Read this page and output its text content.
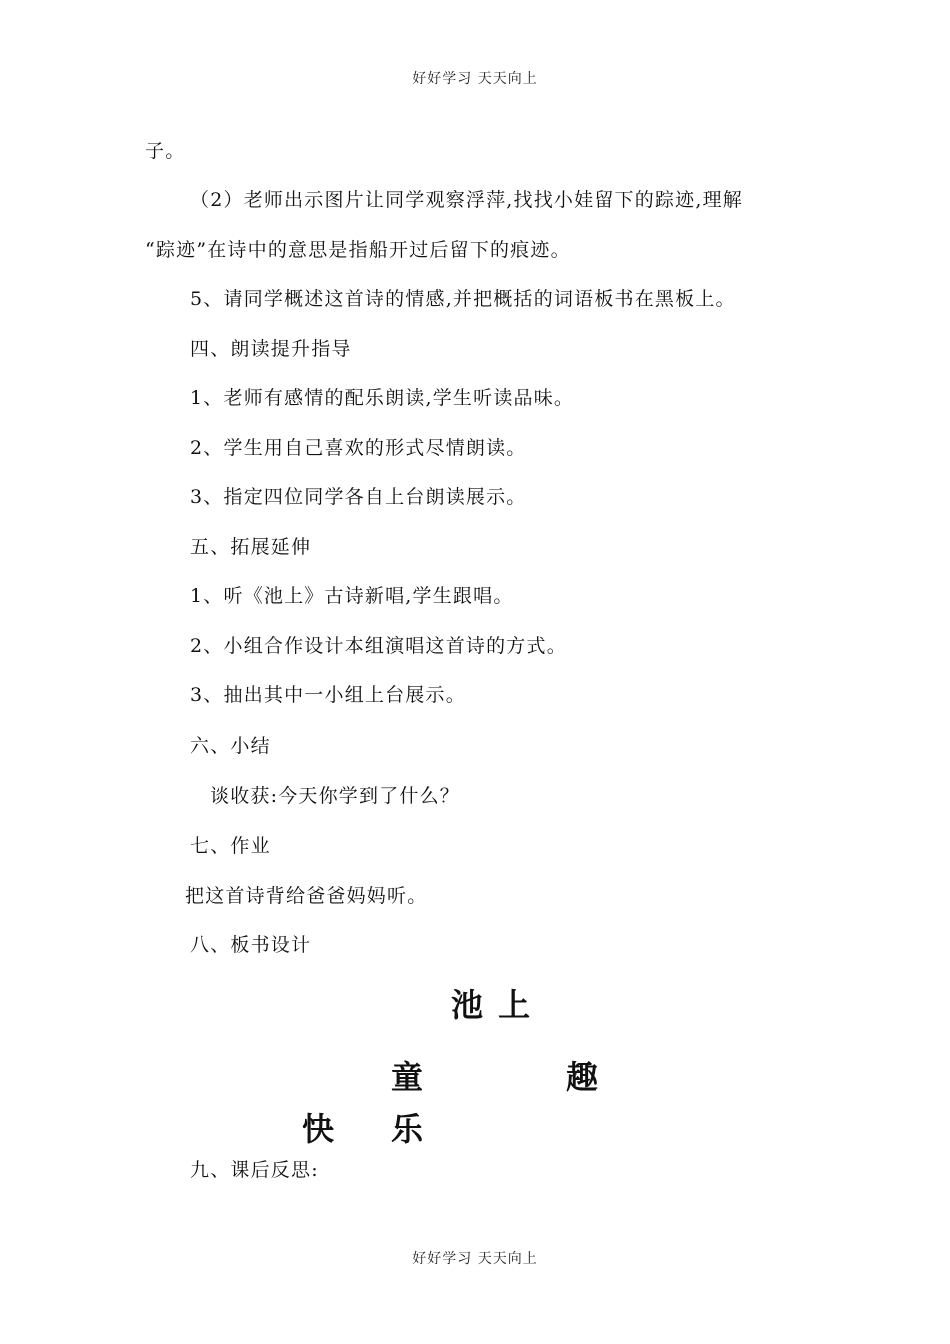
好好学习 天天向上
子。
（2）老师出示图片让同学观察浮萍,找找小娃留下的踪迹,理解
“踪迹”在诗中的意思是指船开过后留下的痕迹。
5、请同学概述这首诗的情感,并把概括的词语板书在黑板上。
四、朗读提升指导
1、老师有感情的配乐朗读,学生听读品味。
2、学生用自己喜欢的形式尽情朗读。
3、指定四位同学各自上台朗读展示。
五、拓展延伸
1、听《池上》古诗新唱,学生跟唱。
2、小组合作设计本组演唱这首诗的方式。
3、抽出其中一小组上台展示。
六、小结
谈收获:今天你学到了什么？
七、作业
把这首诗背给爸爸妈妈听。
八、板书设计
池 上
童	趣
快 乐
九、课后反思:
好好学习 天天向上
